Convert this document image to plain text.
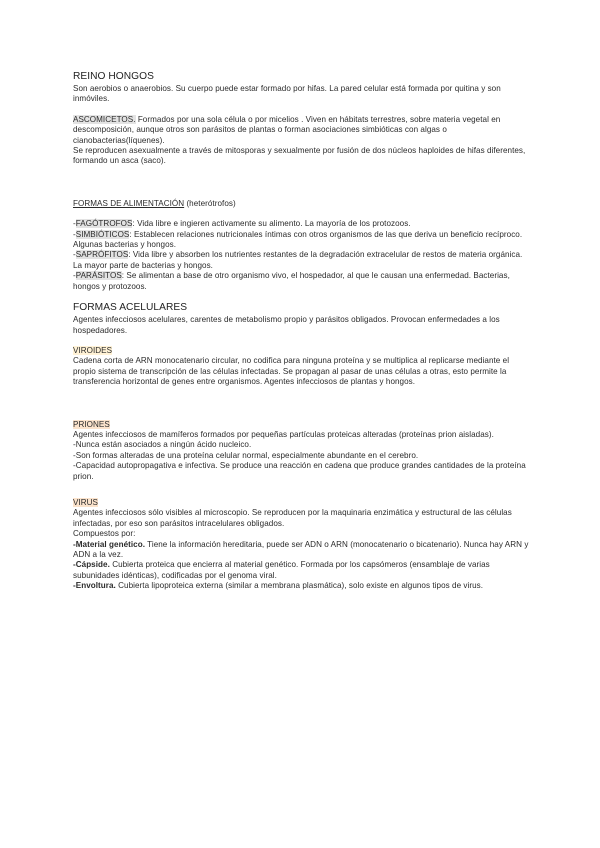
REINO HONGOS

Son aerobios o anaerobios. Su cuerpo puede estar formado por hifas. La pared celular está formada por quitina y son inmóviles.

ASCOMICETOS. Formados por una sola célula o por micelios . Viven en hábitats terrestres, sobre materia vegetal en descomposición, aunque otros son parásitos de plantas o forman asociaciones simbióticas con algas o cianobacterias(líquenes).

Se reproducen asexualmente a través de mitosporas y sexualmente por fusión de dos núcleos haploides de hifas diferentes, formando un asca (saco).

FORMAS DE ALIMENTACIÓN (heterótrofos)

-FAGÓTROFOS: Vida libre e ingieren activamente su alimento. La mayoría de los protozoos.

-SIMBIÓTICOS: Establecen relaciones nutricionales íntimas con otros organismos de las que deriva un beneficio recíproco. Algunas bacterias y hongos.

-SAPRÓFITOS: Vida libre y absorben los nutrientes restantes de la degradación extracelular de restos de materia orgánica. La mayor parte de bacterias y hongos.

-PARÁSITOS: Se alimentan a base de otro organismo vivo, el hospedador, al que le causan una enfermedad. Bacterias, hongos y protozoos.

FORMAS ACELULARES

Agentes infecciosos acelulares, carentes de metabolismo propio y parásitos obligados. Provocan enfermedades a los hospedadores.

VIROIDES

Cadena corta de ARN monocatenario circular, no codifica para ninguna proteína y se multiplica al replicarse mediante el propio sistema de transcripción de las células infectadas. Se propagan al pasar de unas células a otras, esto permite la transferencia horizontal de genes entre organismos. Agentes infecciosos de plantas y hongos.

PRIONES

Agentes infecciosos de mamíferos formados por pequeñas partículas proteicas alteradas (proteínas prion aisladas).

-Nunca están asociados a ningún ácido nucleico.

-Son formas alteradas de una proteína celular normal, especialmente abundante en el cerebro.

-Capacidad autopropagativa e infectiva. Se produce una reacción en cadena que produce grandes cantidades de la proteína prion.

VIRUS

Agentes infecciosos sólo visibles al microscopio. Se reproducen por la maquinaria enzimática y estructural de las células infectadas, por eso son parásitos intracelulares obligados.

Compuestos por:

-Material genético. Tiene la información hereditaria, puede ser ADN o ARN (monocatenario o bicatenario). Nunca hay ARN y ADN a la vez.

-Cápside. Cubierta proteica que encierra al material genético. Formada por los capsómeros (ensamblaje de varias subunidades idénticas), codificadas por el genoma viral.

-Envoltura. Cubierta lipoproteica externa (similar a membrana plasmática), solo existe en algunos tipos de virus.
